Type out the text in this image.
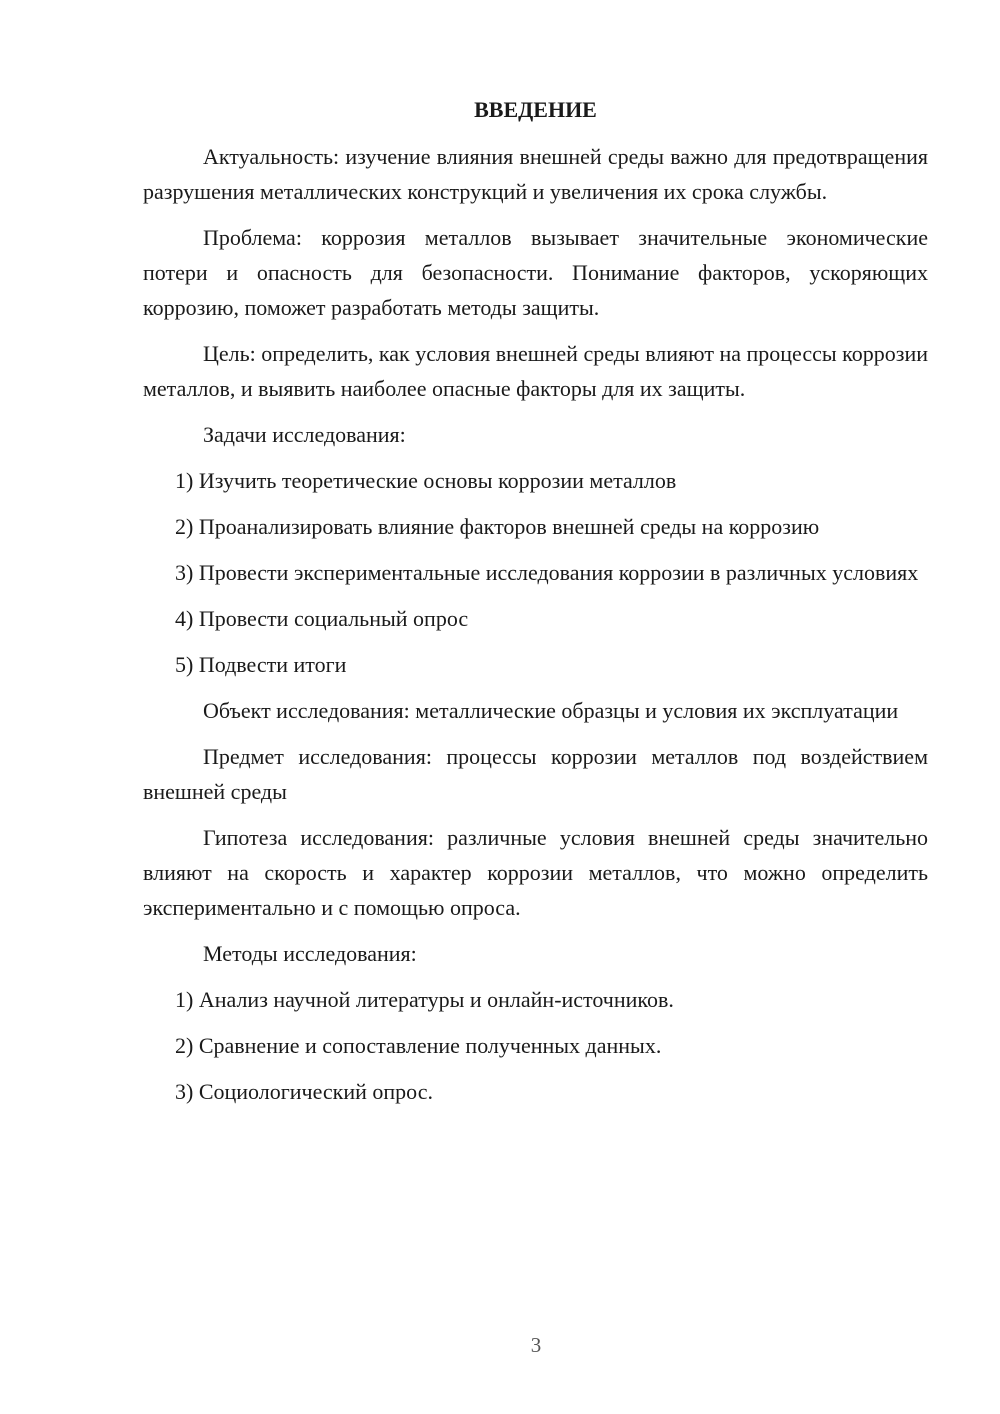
ВВЕДЕНИЕ

Актуальность: изучение влияния внешней среды важно для предотвращения разрушения металлических конструкций и увеличения их срока службы.

Проблема: коррозия металлов вызывает значительные экономические потери и опасность для безопасности. Понимание факторов, ускоряющих коррозию, поможет разработать методы защиты.

Цель: определить, как условия внешней среды влияют на процессы коррозии металлов, и выявить наиболее опасные факторы для их защиты.

Задачи исследования:

1) Изучить теоретические основы коррозии металлов

2) Проанализировать влияние факторов внешней среды на коррозию

3) Провести экспериментальные исследования коррозии в различных условиях

4) Провести социальный опрос

5) Подвести итоги

Объект исследования: металлические образцы и условия их эксплуатации

Предмет исследования: процессы коррозии металлов под воздействием внешней среды

Гипотеза исследования: различные условия внешней среды значительно влияют на скорость и характер коррозии металлов, что можно определить экспериментально и с помощью опроса.

Методы исследования:

1) Анализ научной литературы и онлайн-источников.

2) Сравнение и сопоставление полученных данных.

3) Социологический опрос.

3
